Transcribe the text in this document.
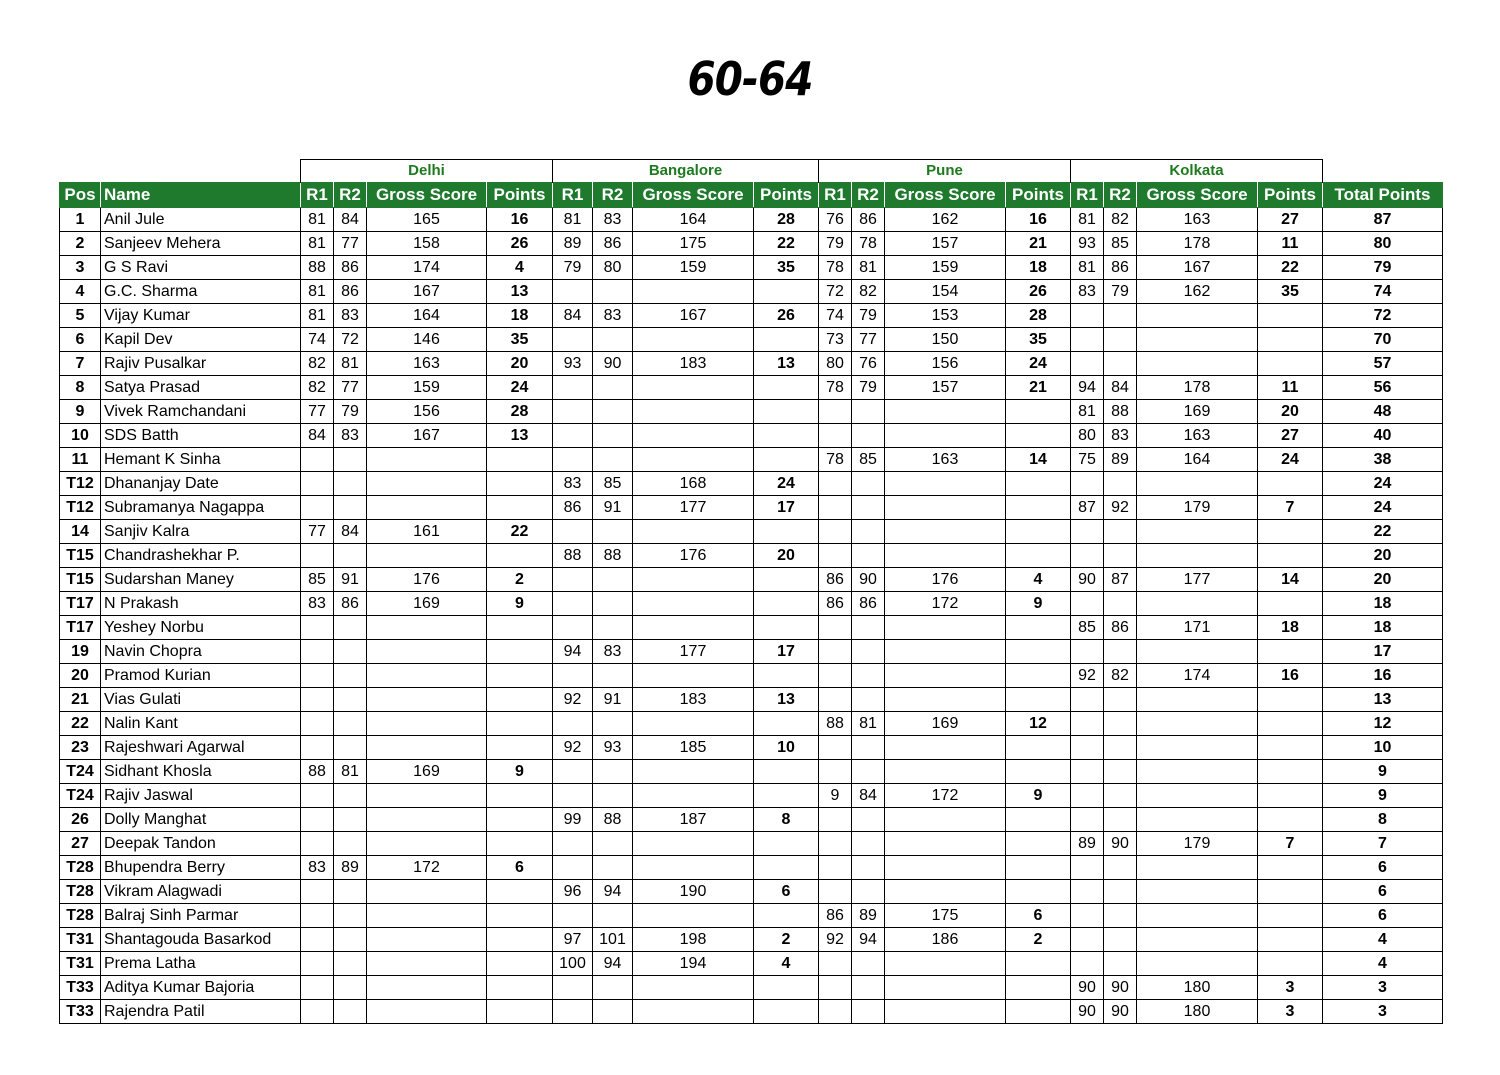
60-64
		Delhi				Bangalore				Pune				Kolkata				
Pos	Name	R1	R2	Gross Score	Points	R1	R2	Gross Score	Points	R1	R2	Gross Score	Points	R1	R2	Gross Score	Points	Total Points
1	Anil Jule	81	84	165	16	81	83	164	28	76	86	162	16	81	82	163	27	87
2	Sanjeev Mehera	81	77	158	26	89	86	175	22	79	78	157	21	93	85	178	11	80
3	G S Ravi	88	86	174	4	79	80	159	35	78	81	159	18	81	86	167	22	79
4	G.C. Sharma	81	86	167	13					72	82	154	26	83	79	162	35	74
5	Vijay Kumar	81	83	164	18	84	83	167	26	74	79	153	28					72
6	Kapil Dev	74	72	146	35					73	77	150	35					70
7	Rajiv Pusalkar	82	81	163	20	93	90	183	13	80	76	156	24					57
8	Satya Prasad	82	77	159	24					78	79	157	21	94	84	178	11	56
9	Vivek Ramchandani	77	79	156	28									81	88	169	20	48
10	SDS Batth	84	83	167	13									80	83	163	27	40
11	Hemant K Sinha									78	85	163	14	75	89	164	24	38
T12	Dhananjay Date					83	85	168	24									24
T12	Subramanya Nagappa					86	91	177	17					87	92	179	7	24
14	Sanjiv Kalra	77	84	161	22													22
T15	Chandrashekhar P.					88	88	176	20									20
T15	Sudarshan Maney	85	91	176	2					86	90	176	4	90	87	177	14	20
T17	N Prakash	83	86	169	9					86	86	172	9					18
T17	Yeshey Norbu													85	86	171	18	18
19	Navin Chopra					94	83	177	17									17
20	Pramod Kurian													92	82	174	16	16
21	Vias Gulati					92	91	183	13									13
22	Nalin Kant									88	81	169	12					12
23	Rajeshwari Agarwal					92	93	185	10									10
T24	Sidhant Khosla	88	81	169	9													9
T24	Rajiv Jaswal									9	84	172	9					9
26	Dolly Manghat					99	88	187	8									8
27	Deepak Tandon													89	90	179	7	7
T28	Bhupendra Berry	83	89	172	6													6
T28	Vikram Alagwadi					96	94	190	6									6
T28	Balraj Sinh Parmar									86	89	175	6					6
T31	Shantagouda Basarkod					97	101	198	2	92	94	186	2					4
T31	Prema Latha					100	94	194	4									4
T33	Aditya Kumar Bajoria													90	90	180	3	3
T33	Rajendra Patil													90	90	180	3	3
